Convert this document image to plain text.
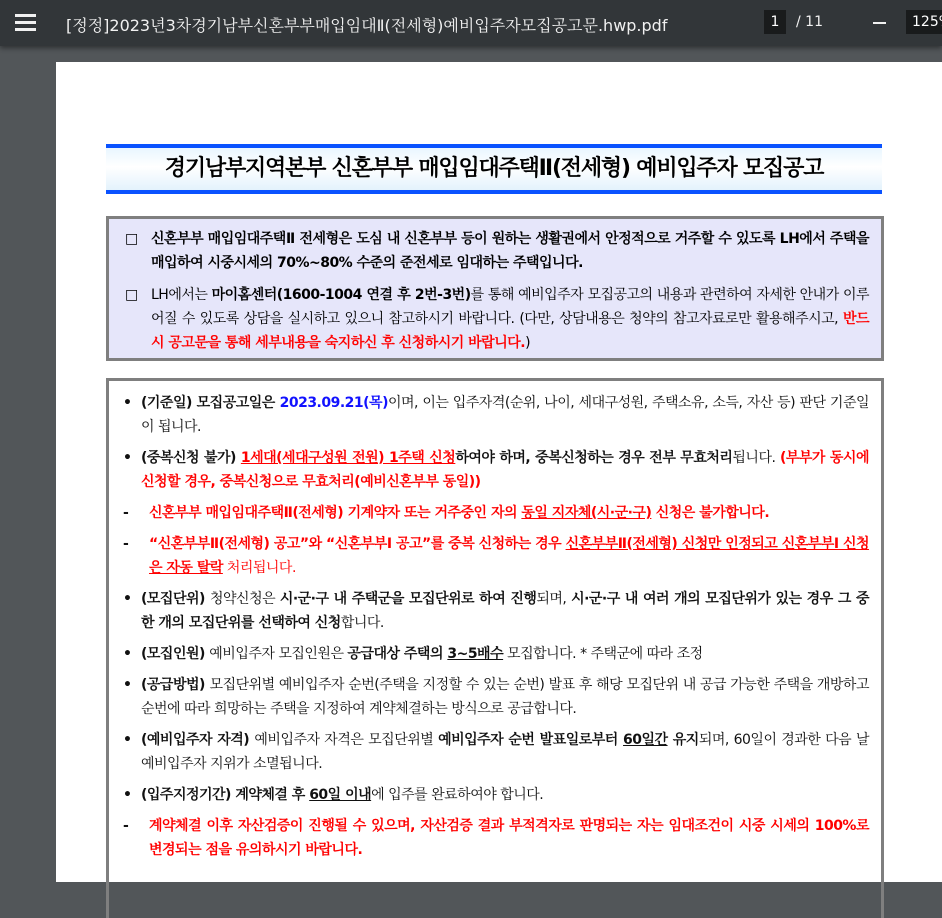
[정정]2023년3차경기남부신혼부부매입임대Ⅱ(전세형)예비입주자모집공고문.hwp.pdf
1	/ 11
125%
경기남부지역본부 신혼부부 매입임대주택Ⅱ(전세형) 예비입주자 모집공고

□ 신혼부부 매입임대주택Ⅱ 전세형은 도심 내 신혼부부 등이 원하는 생활권에서 안정적으로 거주할 수 있도록 LH에서 주택을 매입하여 시중시세의 70%~80% 수준의 준전세로 임대하는 주택입니다.

□ LH에서는 마이홈센터(1600-1004 연결 후 2번-3번)를 통해 예비입주자 모집공고의 내용과 관련하여 자세한 안내가 이루어질 수 있도록 상담을 실시하고 있으니 참고하시기 바랍니다. (다만, 상담내용은 청약의 참고자료로만 활용해주시고, 반드시 공고문을 통해 세부내용을 숙지하신 후 신청하시기 바랍니다.)

• (기준일) 모집공고일은 2023.09.21(목)이며, 이는 입주자격(순위, 나이, 세대구성원, 주택소유, 소득, 자산 등) 판단 기준일이 됩니다.
• (중복신청 불가) 1세대(세대구성원 전원) 1주택 신청하여야 하며, 중복신청하는 경우 전부 무효처리됩니다. (부부가 동시에 신청할 경우, 중복신청으로 무효처리(예비신혼부부 동일))
- 신혼부부 매입임대주택Ⅱ(전세형) 기계약자 또는 거주중인 자의 동일 지자체(시·군·구) 신청은 불가합니다.
- “신혼부부Ⅱ(전세형) 공고”와 “신혼부부Ⅰ 공고”를 중복 신청하는 경우 신혼부부Ⅱ(전세형) 신청만 인정되고 신혼부부Ⅰ 신청은 자동 탈락 처리됩니다.
• (모집단위) 청약신청은 시·군·구 내 주택군을 모집단위로 하여 진행되며, 시·군·구 내 여러 개의 모집단위가 있는 경우 그 중 한 개의 모집단위를 선택하여 신청합니다.
• (모집인원) 예비입주자 모집인원은 공급대상 주택의 3~5배수 모집합니다. * 주택군에 따라 조정
• (공급방법) 모집단위별 예비입주자 순번(주택을 지정할 수 있는 순번) 발표 후 해당 모집단위 내 공급 가능한 주택을 개방하고 순번에 따라 희망하는 주택을 지정하여 계약체결하는 방식으로 공급합니다.
• (예비입주자 자격) 예비입주자 자격은 모집단위별 예비입주자 순번 발표일로부터 60일간 유지되며, 60일이 경과한 다음 날 예비입주자 지위가 소멸됩니다.
• (입주지정기간) 계약체결 후 60일 이내에 입주를 완료하여야 합니다.
- 계약체결 이후 자산검증이 진행될 수 있으며, 자산검증 결과 부적격자로 판명되는 자는 임대조건이 시중 시세의 100%로 변경되는 점을 유의하시기 바랍니다.
